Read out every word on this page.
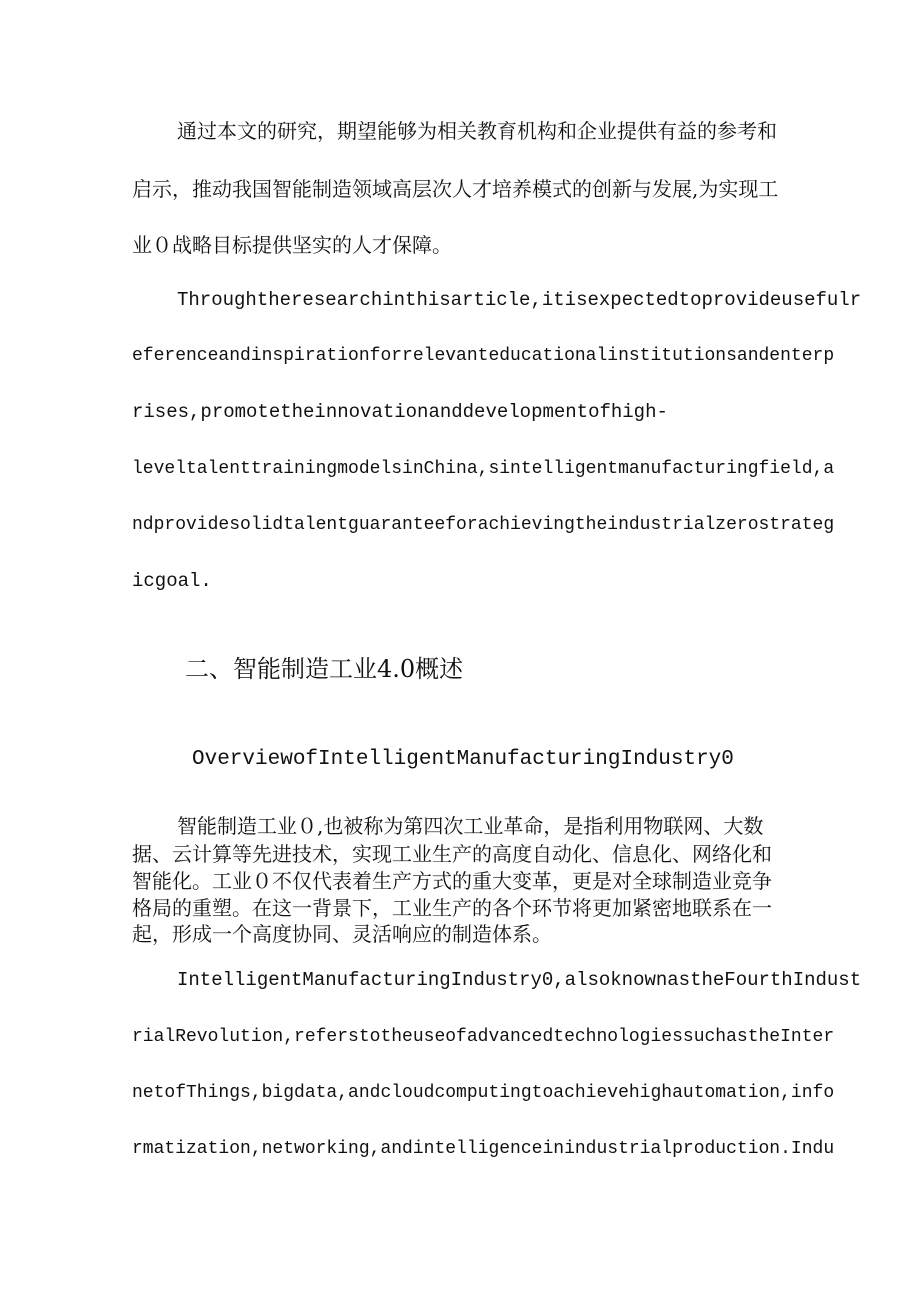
通过本文的研究，期望能够为相关教育机构和企业提供有益的参考和
启示，推动我国智能制造领域高层次人才培养模式的创新与发展,为实现工
业０战略目标提供坚实的人才保障。
Throughtheresearchinthisarticle,itisexpectedtoprovideusefulr
eferenceandinspirationforrelevanteducationalinstitutionsandenterp
rises,promotetheinnovationanddevelopmentofhigh-
leveltalenttrainingmodelsinChina,sintelligentmanufacturingfield,a
ndprovidesolidtalentguaranteeforachievingtheindustrialzerostrateg
icgoal.
二、智能制造工业4.0概述
OverviewofIntelligentManufacturingIndustry0
智能制造工业０,也被称为第四次工业革命，是指利用物联网、大数
据、云计算等先进技术，实现工业生产的高度自动化、信息化、网络化和
智能化。工业０不仅代表着生产方式的重大变革，更是对全球制造业竞争
格局的重塑。在这一背景下，工业生产的各个环节将更加紧密地联系在一
起，形成一个高度协同、灵活响应的制造体系。
IntelligentManufacturingIndustry0,alsoknownastheFourthIndust
rialRevolution,referstotheuseofadvancedtechnologiessuchastheInter
netofThings,bigdata,andcloudcomputingtoachievehighautomation,info
rmatization,networking,andintelligenceinindustrialproduction.Indu
